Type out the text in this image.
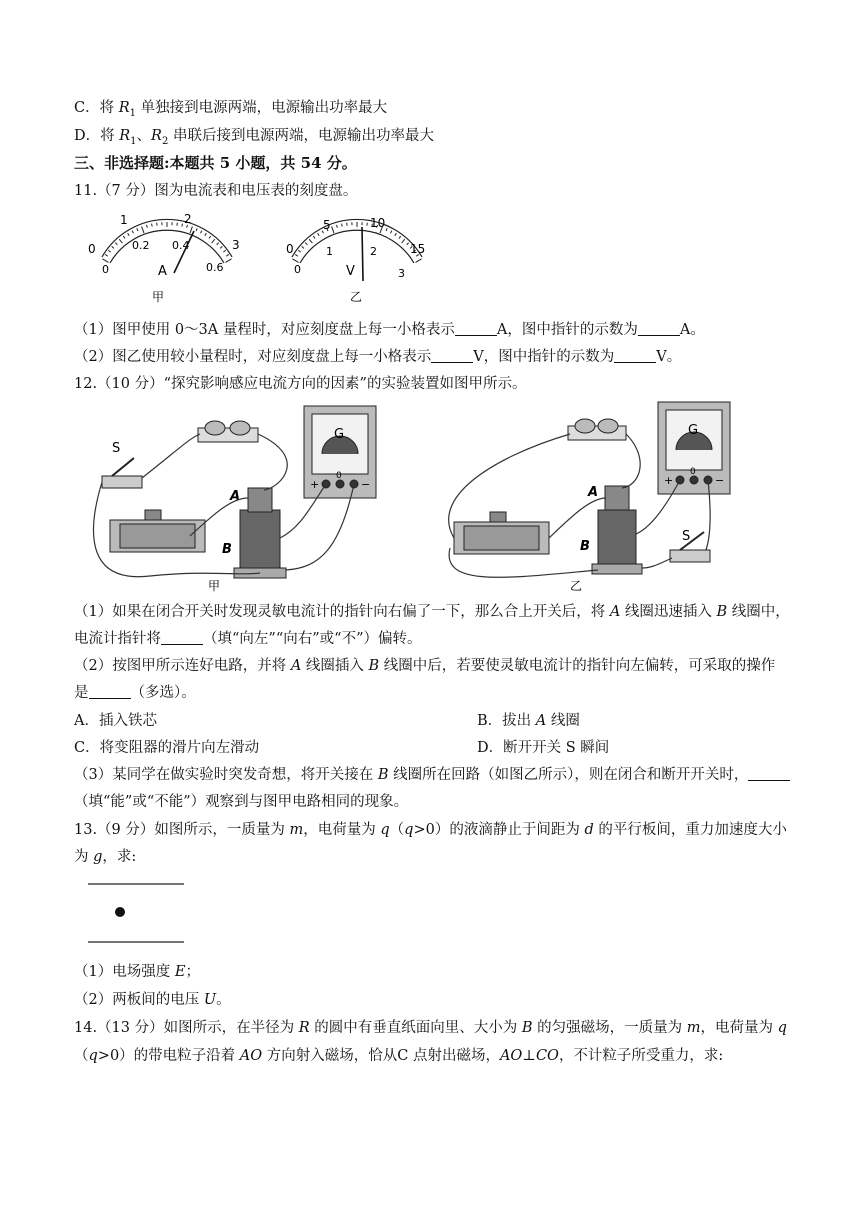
C．将 $R_1$ 单独接到电源两端，电源输出功率最大
D．将 $R_1$、$R_2$ 串联后接到电源两端，电源输出功率最大
三、非选择题:本题共 5 小题，共 54 分。
11.（7 分）图为电流表和电压表的刻度盘。
0
1	2
3
0
0.2 0.4
0.6
A
甲
0
5	10
15
0
1	2
3
V
乙
（1）图甲使用 0～3A 量程时，对应刻度盘上每一小格表示	A，图中指针的示数为	A。
（2）图乙使用较小量程时，对应刻度盘上每一小格表示	V，图中指针的示数为	V。
12.（10 分）“探究影响感应电流方向的因素”的实验装置如图甲所示。
S
A
B
G
+
0
−
甲
A
B
G
+
0
−
S
乙
（1）如果在闭合开关时发现灵敏电流计的指针向右偏了一下，那么合上开关后，将 A 线圈迅速插入 B 线圈中，
电流计指针将	（填“向左”“向右”或“不”）偏转。
（2）按图甲所示连好电路，并将 A 线圈插入 B 线圈中后，若要使灵敏电流计的指针向左偏转，可采取的操作
是	（多选）。
A．插入铁芯	B．拔出 A 线圈
C．将变阻器的滑片向左滑动	D．断开开关 S 瞬间
（3）某同学在做实验时突发奇想，将开关接在 B 线圈所在回路（如图乙所示），则在闭合和断开开关时，
（填“能”或“不能”）观察到与图甲电路相同的现象。
13.（9 分）如图所示，一质量为 m，电荷量为 q（q>0）的液滴静止于间距为 d 的平行板间，重力加速度大小
为 g，求:
（1）电场强度 E；
（2）两板间的电压 U。
14.（13 分）如图所示，在半径为 R 的圆中有垂直纸面向里、大小为 B 的匀强磁场，一质量为 m，电荷量为 q
（q>0）的带电粒子沿着 AO 方向射入磁场，恰从C 点射出磁场，AO⊥CO，不计粒子所受重力，求:
